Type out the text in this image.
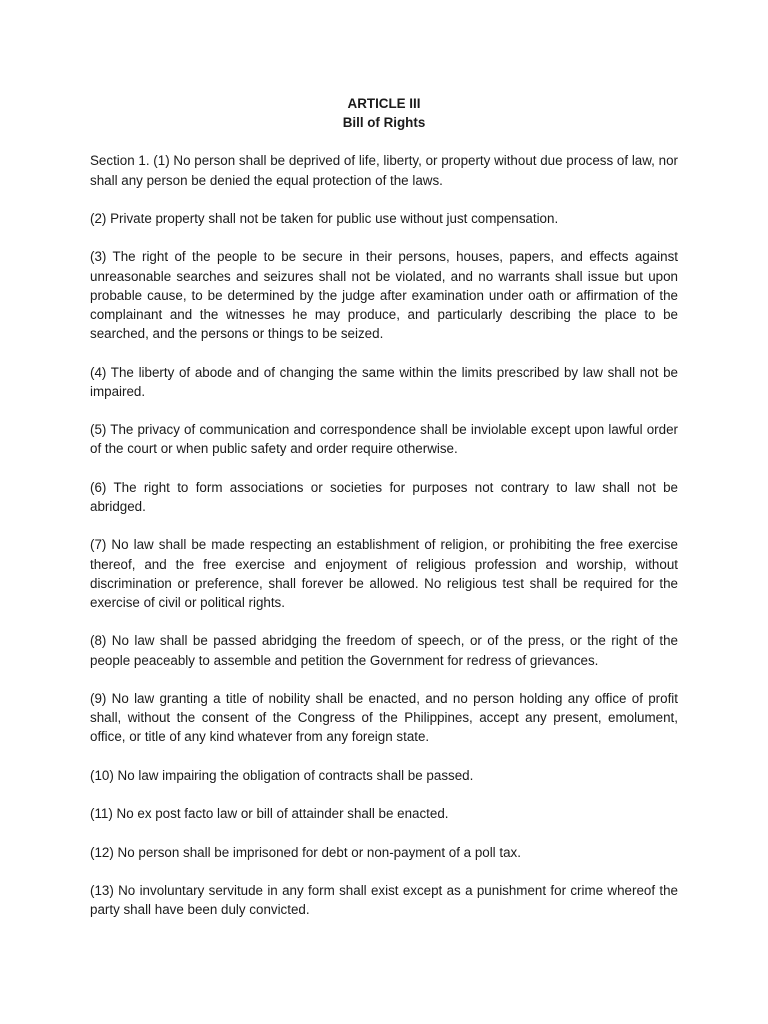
ARTICLE III
Bill of Rights

Section 1. (1) No person shall be deprived of life, liberty, or property without due process of law, nor shall any person be denied the equal protection of the laws.

(2) Private property shall not be taken for public use without just compensation.

(3) The right of the people to be secure in their persons, houses, papers, and effects against unreasonable searches and seizures shall not be violated, and no warrants shall issue but upon probable cause, to be determined by the judge after examination under oath or affirmation of the complainant and the witnesses he may produce, and particularly describing the place to be searched, and the persons or things to be seized.

(4) The liberty of abode and of changing the same within the limits prescribed by law shall not be impaired.

(5) The privacy of communication and correspondence shall be inviolable except upon lawful order of the court or when public safety and order require otherwise.

(6) The right to form associations or societies for purposes not contrary to law shall not be abridged.

(7) No law shall be made respecting an establishment of religion, or prohibiting the free exercise thereof, and the free exercise and enjoyment of religious profession and worship, without discrimination or preference, shall forever be allowed. No religious test shall be required for the exercise of civil or political rights.

(8) No law shall be passed abridging the freedom of speech, or of the press, or the right of the people peaceably to assemble and petition the Government for redress of grievances.

(9) No law granting a title of nobility shall be enacted, and no person holding any office of profit shall, without the consent of the Congress of the Philippines, accept any present, emolument, office, or title of any kind whatever from any foreign state.

(10) No law impairing the obligation of contracts shall be passed.

(11) No ex post facto law or bill of attainder shall be enacted.

(12) No person shall be imprisoned for debt or non-payment of a poll tax.

(13) No involuntary servitude in any form shall exist except as a punishment for crime whereof the party shall have been duly convicted.
